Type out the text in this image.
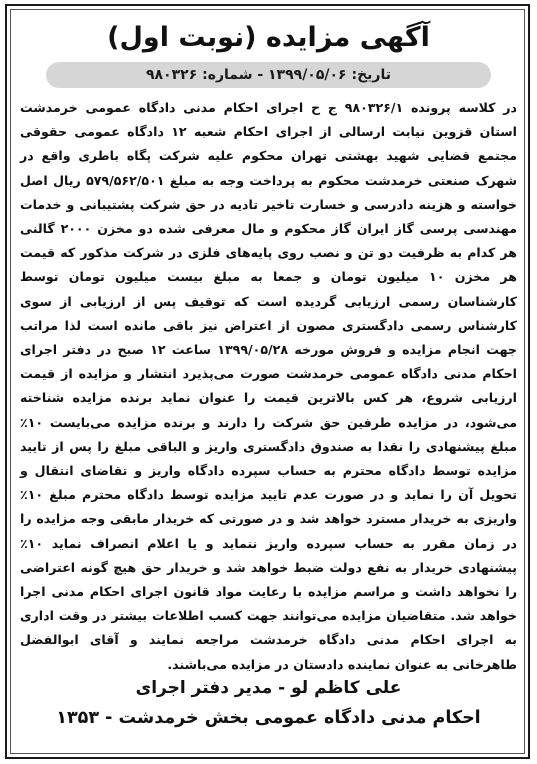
آگهی مزایده (نوبت اول)
تاریخ: ۱۳۹۹/۰۵/۰۶ - شماره: ۹۸۰۳۲۶
در کلاسه پرونده ۹۸۰۳۲۶/۱ ج ح اجرای احکام مدنی دادگاه عمومی خرمدشت استان قزوین نیابت ارسالی از اجرای احکام شعبه ۱۲ دادگاه عمومی حقوقی مجتمع قضایی شهید بهشتی تهران محکوم علیه شرکت پگاه باطری واقع در شهرک صنعتی خرمدشت محکوم به پرداخت وجه به مبلغ ۵۷۹/۵۶۲/۵۰۱ ریال اصل خواسته و هزینه دادرسی و خسارت تاخیر تادیه در حق شرکت پشتیبانی و خدمات مهندسی پرسی گاز ایران گاز محکوم و مال معرفی شده دو مخزن ۲۰۰۰ گالنی هر کدام به ظرفیت دو تن و نصب روی پایه‌های فلزی در شرکت مذکور که قیمت هر مخزن ۱۰ میلیون تومان و جمعا به مبلغ بیست میلیون تومان توسط کارشناسان رسمی ارزیابی گردیده است که توقیف پس از ارزیابی از سوی کارشناس رسمی دادگستری مصون از اعتراض نیز باقی مانده است لذا مراتب جهت انجام مزایده و فروش مورخه ۱۳۹۹/۰۵/۲۸ ساعت ۱۲ صبح در دفتر اجرای احکام مدنی دادگاه عمومی خرمدشت صورت می‌پذیرد انتشار و مزایده از قیمت ارزیابی شروع، هر کس بالاترین قیمت را عنوان نماید برنده مزایده شناخته می‌شود، در مزایده طرفین حق شرکت را دارند و برنده مزایده می‌بایست ۱۰٪ مبلغ پیشنهادی را نقدا به صندوق دادگستری واریز و الباقی مبلغ را پس از تایید مزایده توسط دادگاه محترم به حساب سپرده دادگاه واریز و تقاضای انتقال و تحویل آن را نماید و در صورت عدم تایید مزایده توسط دادگاه محترم مبلغ ۱۰٪ واریزی به خریدار مسترد خواهد شد و در صورتی که خریدار مابقی وجه مزایده را در زمان مقرر به حساب سپرده واریز ننماید و یا اعلام انصراف نماید ۱۰٪ پیشنهادی خریدار به نفع دولت ضبط خواهد شد و خریدار حق هیچ گونه اعتراضی را نخواهد داشت و مراسم مزایده با رعایت مواد قانون اجرای احکام مدنی اجرا خواهد شد. متقاضیان مزایده می‌توانند جهت کسب اطلاعات بیشتر در وقت اداری به اجرای احکام مدنی دادگاه خرمدشت مراجعه نمایند و آقای ابوالفضل طاهرخانی به عنوان نماینده دادستان در مزایده می‌باشند.
علی کاظم لو - مدیر دفتر اجرای
احکام مدنی دادگاه عمومی بخش خرمدشت - ۱۳۵۳
